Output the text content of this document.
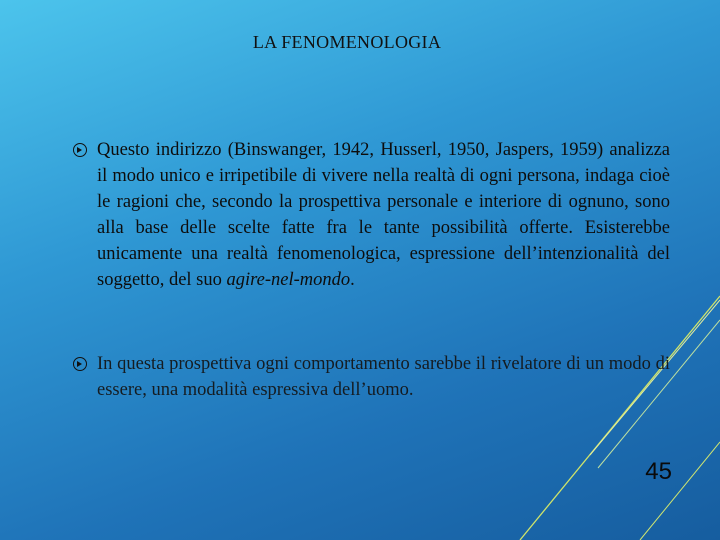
LA FENOMENOLOGIA
Questo indirizzo (Binswanger, 1942, Husserl, 1950, Jaspers, 1959) analizza il modo unico e irripetibile di vivere nella realtà di ogni persona, indaga cioè le ragioni che, secondo la prospettiva personale e interiore di ognuno, sono alla base delle scelte fatte fra le tante possibilità offerte. Esisterebbe unicamente una realtà fenomenologica, espressione dell’intenzionalità del soggetto, del suo agire-nel-mondo.
In questa prospettiva ogni comportamento sarebbe il rivelatore di un modo di essere, una modalità espressiva dell’uomo.
45
